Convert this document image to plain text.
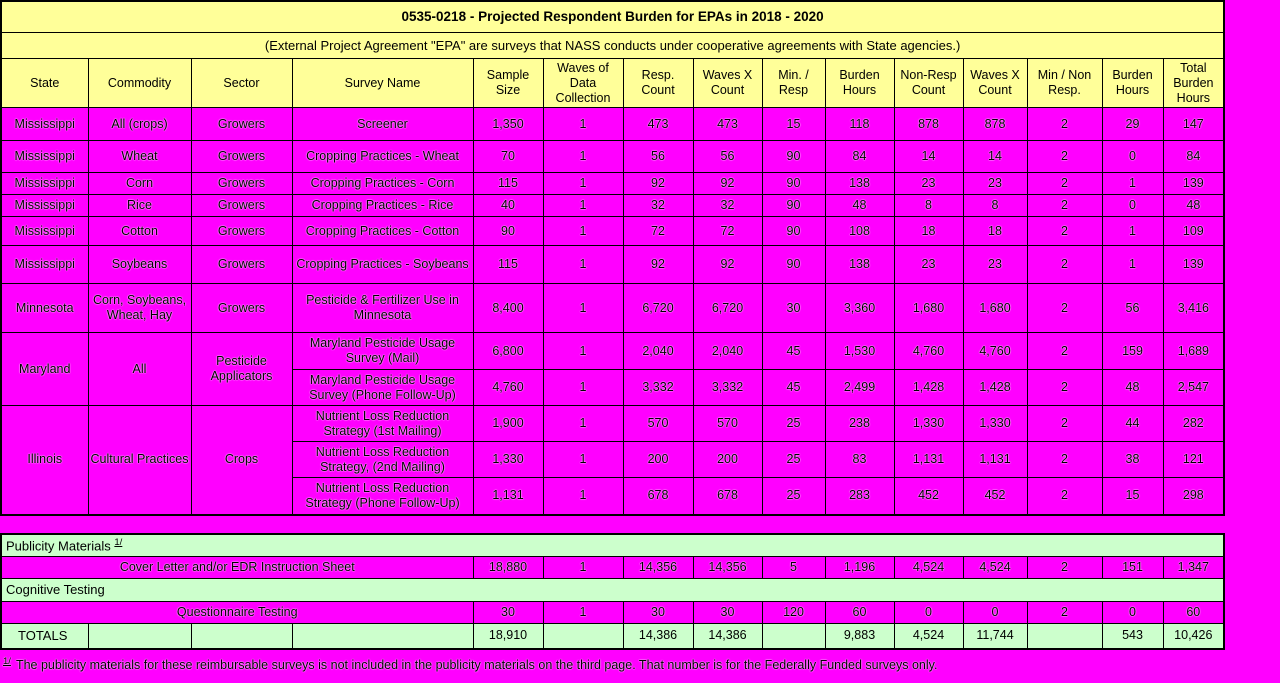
0535-0218 - Projected Respondent Burden for EPAs in 2018 - 2020														
(External Project Agreement "EPA" are surveys that NASS conducts under cooperative agreements with State agencies.)														
State	Commodity	Sector	Survey Name	Sample Size	Waves of Data Collection	Resp. Count	Waves X Count	Min. / Resp	Burden Hours	Non-Resp Count	Waves X Count	Min / Non Resp.	Burden Hours	Total Burden Hours
Mississippi	All (crops)	Growers	Screener	1,350	1	473	473	15	118	878	878	2	29	147
Mississippi	Wheat	Growers	Cropping Practices - Wheat	70	1	56	56	90	84	14	14	2	0	84
Mississippi	Corn	Growers	Cropping Practices - Corn	115	1	92	92	90	138	23	23	2	1	139
Mississippi	Rice	Growers	Cropping Practices - Rice	40	1	32	32	90	48	8	8	2	0	48
Mississippi	Cotton	Growers	Cropping Practices - Cotton	90	1	72	72	90	108	18	18	2	1	109
Mississippi	Soybeans	Growers	Cropping Practices - Soybeans	115	1	92	92	90	138	23	23	2	1	139
Minnesota	Corn, Soybeans, Wheat, Hay	Growers	Pesticide & Fertilizer Use in Minnesota	8,400	1	6,720	6,720	30	3,360	1,680	1,680	2	56	3,416
Maryland	All	Pesticide Applicators	Maryland Pesticide Usage Survey (Mail)	6,800	1	2,040	2,040	45	1,530	4,760	4,760	2	159	1,689
			Maryland Pesticide Usage Survey (Phone Follow-Up)	4,760	1	3,332	3,332	45	2,499	1,428	1,428	2	48	2,547
Illinois	Cultural Practices	Crops	Nutrient Loss Reduction Strategy (1st Mailing)	1,900	1	570	570	25	238	1,330	1,330	2	44	282
			Nutrient Loss Reduction Strategy, (2nd Mailing)	1,330	1	200	200	25	83	1,131	1,131	2	38	121
			Nutrient Loss Reduction Strategy (Phone Follow-Up)	1,131	1	678	678	25	283	452	452	2	15	298
Publicity Materials $^{1/}$
Cover Letter and/or EDR Instruction Sheet				18,880	1	14,356	14,356	5	1,196	4,524	4,524	2	151	1,347
Cognitive Testing														
Questionnaire Testing				30	1	30	30	120	60	0	0	2	0	60
TOTALS				18,910		14,386	14,386		9,883	4,524	11,744		543	10,426
$^{1/}$ The publicity materials for these reimbursable surveys is not included in the publicity materials on the third page. That number is for the Federally Funded surveys only.
